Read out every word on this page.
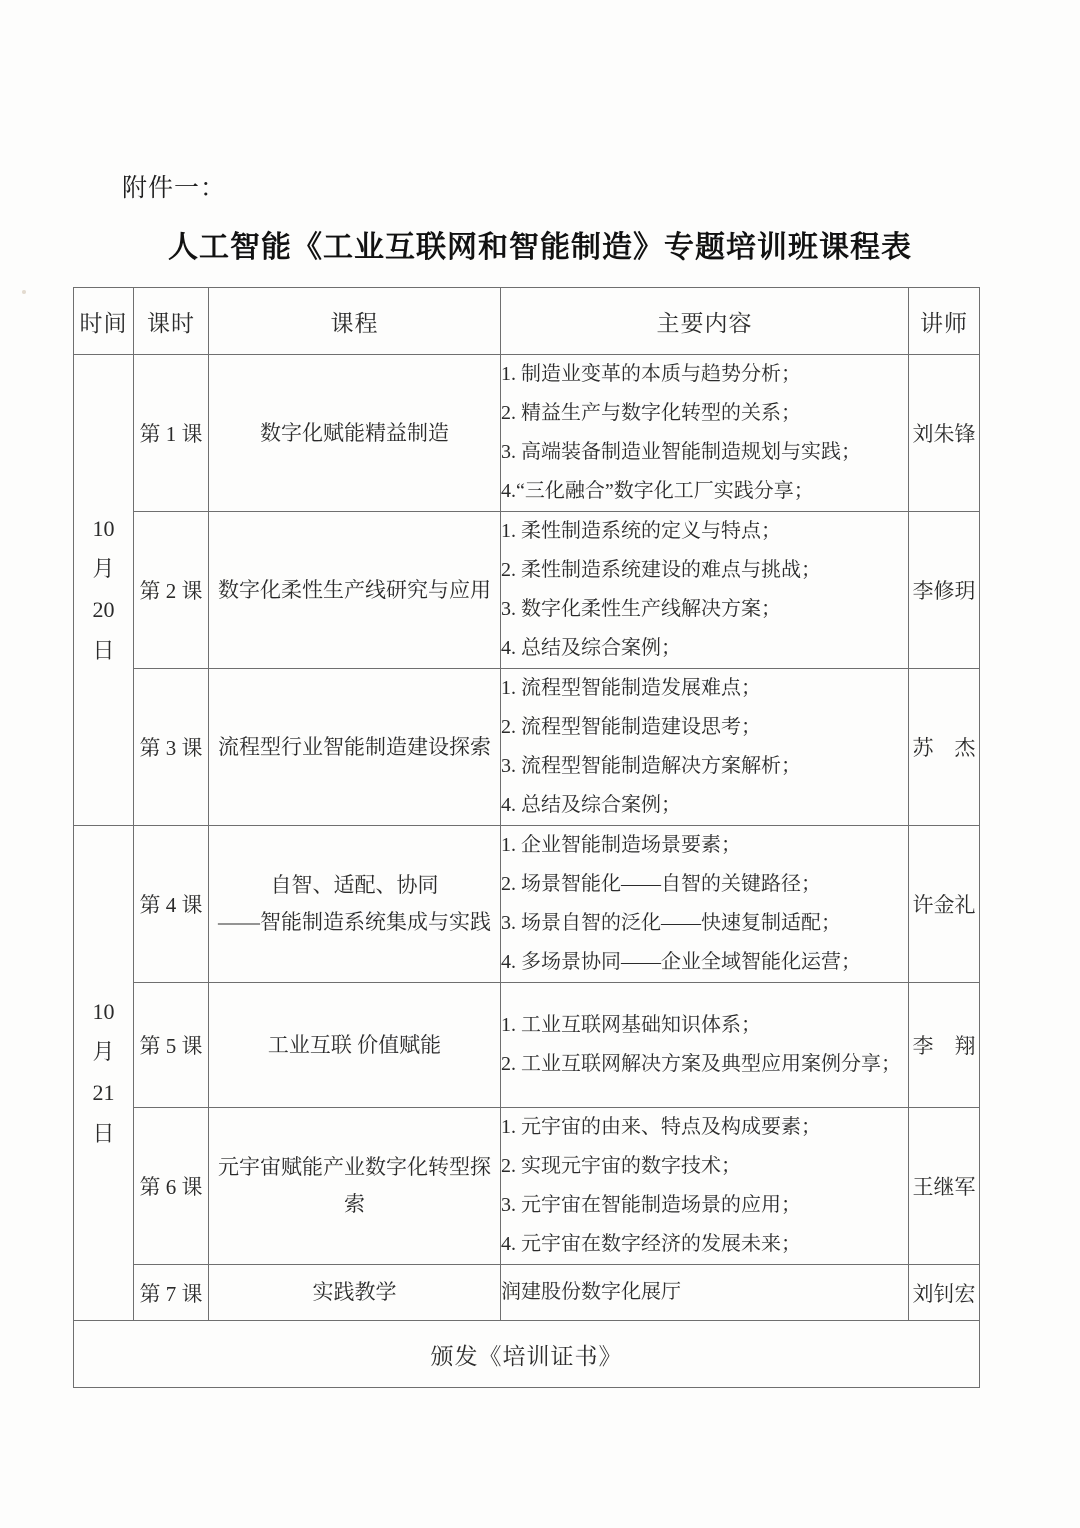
附件一：
人工智能《工业互联网和智能制造》专题培训班课程表
时间	课时	课程	主要内容	讲师

10
月
20
日	第 1 课	数字化赋能精益制造	1. 制造业变革的本质与趋势分析；
2. 精益生产与数字化转型的关系；
3. 高端装备制造业智能制造规划与实践；
4.“三化融合”数字化工厂实践分享；	刘朱锋
	第 2 课	数字化柔性生产线研究与应用	1. 柔性制造系统的定义与特点；
2. 柔性制造系统建设的难点与挑战；
3. 数字化柔性生产线解决方案；
4. 总结及综合案例；	李修玥
	第 3 课	流程型行业智能制造建设探索	1. 流程型智能制造发展难点；
2. 流程型智能制造建设思考；
3. 流程型智能制造解决方案解析；
4. 总结及综合案例；	苏　杰

10
月
21
日	第 4 课	自智、适配、协同
——智能制造系统集成与实践	1. 企业智能制造场景要素；
2. 场景智能化——自智的关键路径；
3. 场景自智的泛化——快速复制适配；
4. 多场景协同——企业全域智能化运营；	许金礼
	第 5 课	工业互联 价值赋能	1. 工业互联网基础知识体系；
2. 工业互联网解决方案及典型应用案例分享；	李　翔
	第 6 课	元宇宙赋能产业数字化转型探索	1. 元宇宙的由来、特点及构成要素；
2. 实现元宇宙的数字技术；
3. 元宇宙在智能制造场景的应用；
4. 元宇宙在数字经济的发展未来；	王继军
	第 7 课	实践教学	润建股份数字化展厅	刘钊宏
颁发《培训证书》				
